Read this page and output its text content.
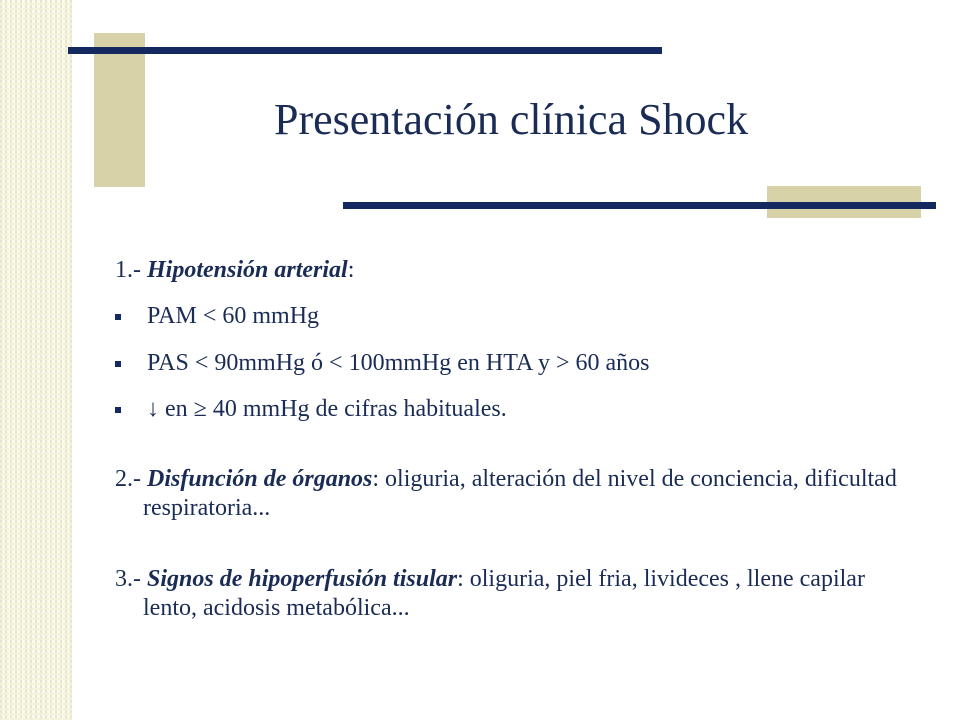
Presentación clínica Shock

1.- Hipotensión arterial:

PAM < 60 mmHg
PAS < 90mmHg ó < 100mmHg en HTA y > 60 años
↓ en ≥ 40 mmHg de cifras habituales.

2.- Disfunción de órganos: oliguria, alteración del nivel de conciencia, dificultad respiratoria...

3.- Signos de hipoperfusión tisular: oliguria, piel fria, livideces , llene capilar lento, acidosis metabólica...
